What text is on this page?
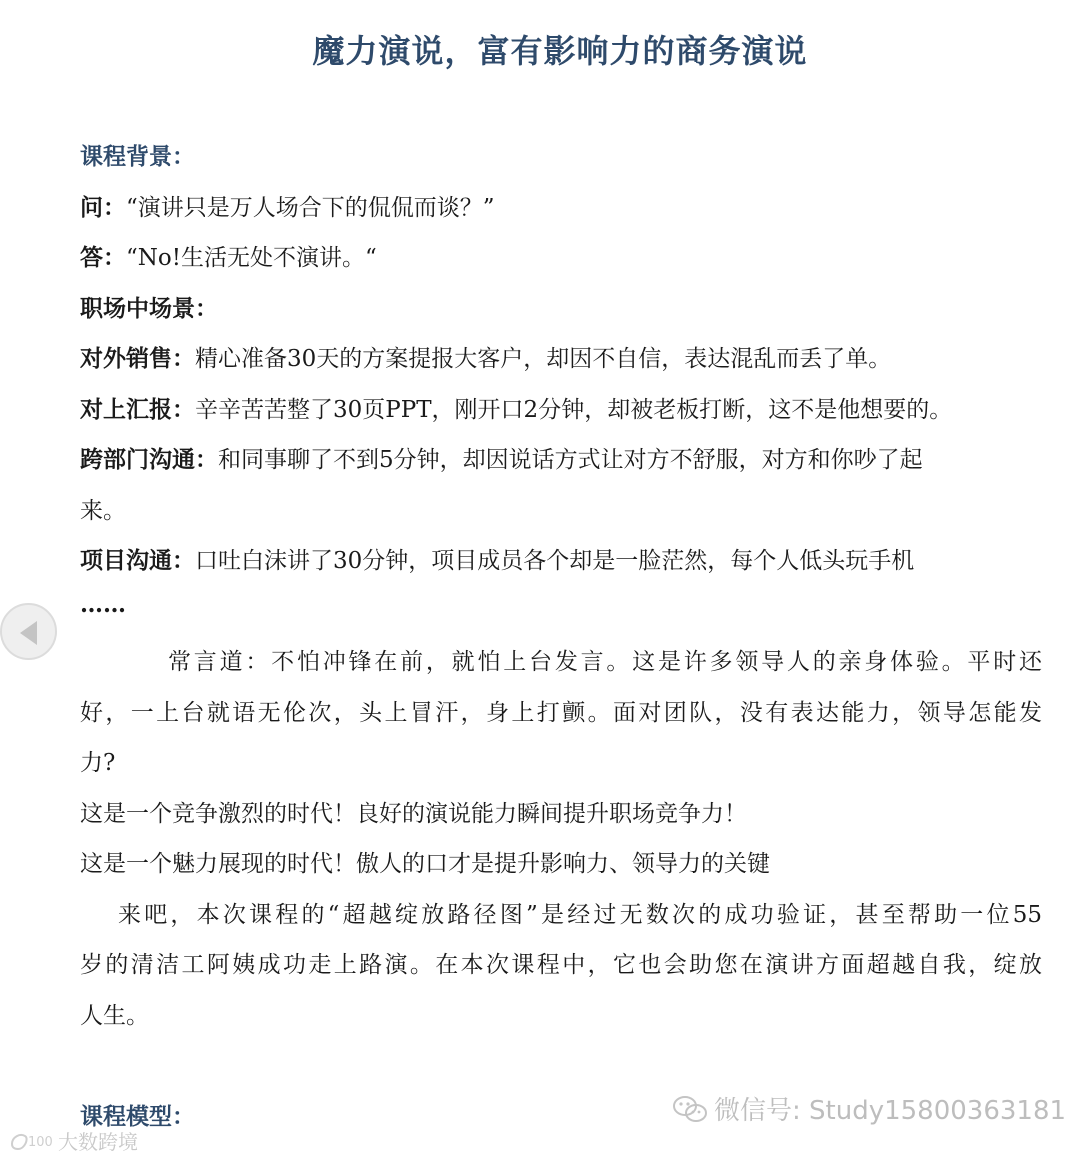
魔力演说，富有影响力的商务演说
课程背景：
问：“演讲只是万人场合下的侃侃而谈？”
答：“No!生活无处不演讲。“
职场中场景：
对外销售：精心准备30天的方案提报大客户，却因不自信，表达混乱而丢了单。
对上汇报：辛辛苦苦整了30页PPT，刚开口2分钟，却被老板打断，这不是他想要的。
跨部门沟通：和同事聊了不到5分钟，却因说话方式让对方不舒服，对方和你吵了起
来。
项目沟通：口吐白沫讲了30分钟，项目成员各个却是一脸茫然，每个人低头玩手机
……
常言道：不怕冲锋在前，就怕上台发言。这是许多领导人的亲身体验。平时还
好，一上台就语无伦次，头上冒汗，身上打颤。面对团队，没有表达能力，领导怎能发
力?
这是一个竞争激烈的时代！良好的演说能力瞬间提升职场竞争力！
这是一个魅力展现的时代！傲人的口才是提升影响力、领导力的关键
来吧，本次课程的“超越绽放路径图”是经过无数次的成功验证，甚至帮助一位55
岁的清洁工阿姨成功走上路演。在本次课程中，它也会助您在演讲方面超越自我，绽放
人生。
课程模型：	微信号: Study15800363181
100 大数跨境
